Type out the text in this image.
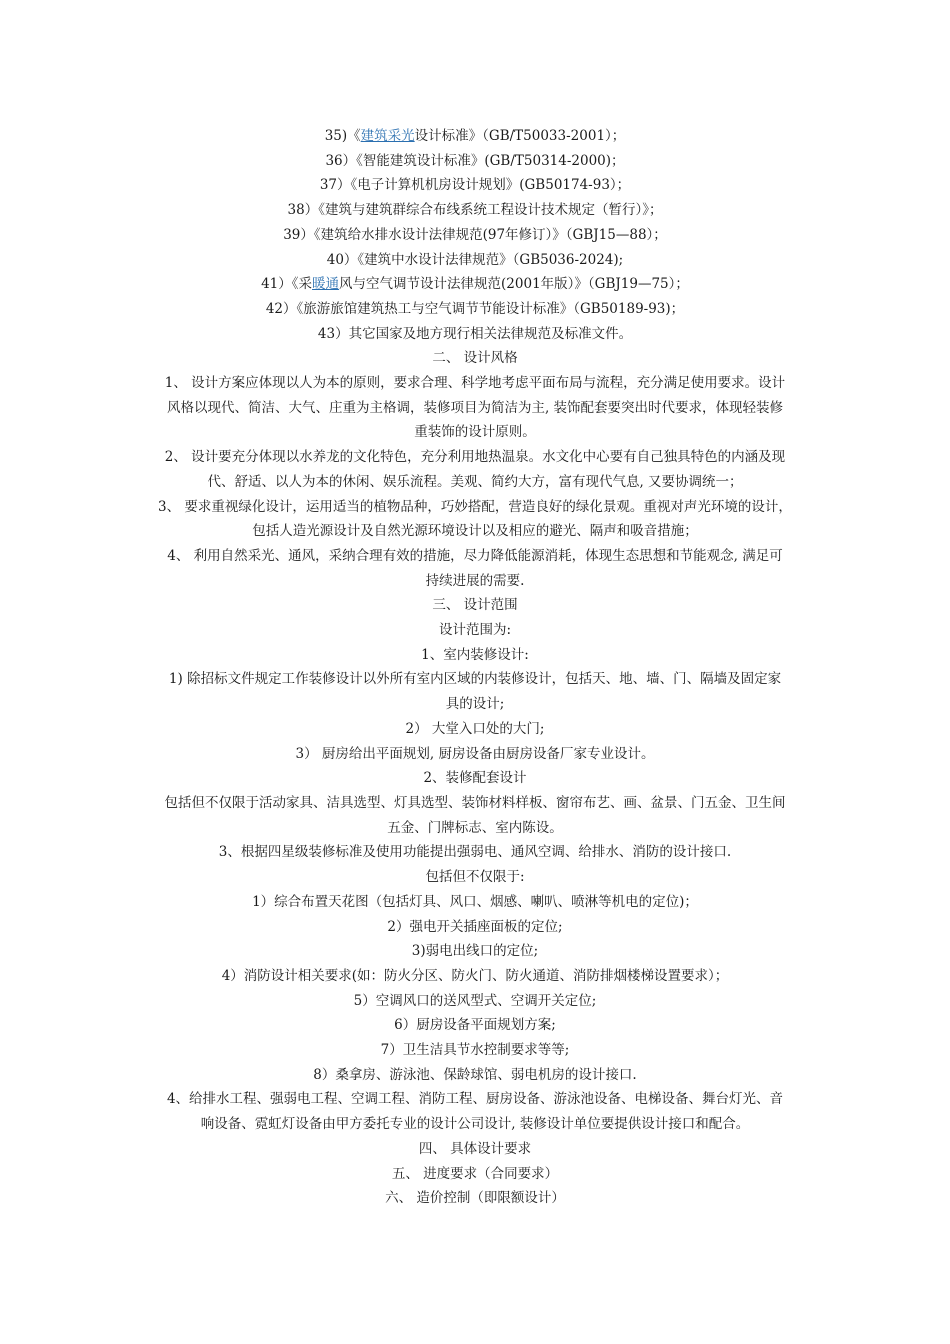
35)《建筑采光设计标准》（GB/T50033-2001）；
36）《智能建筑设计标准》(GB/T50314-2000)；
37）《电子计算机机房设计规划》(GB50174-93）；
38）《建筑与建筑群综合布线系统工程设计技术规定（暂行）》；
39）《建筑给水排水设计法律规范(97年修订）》（GBJ15—88）；
40）《建筑中水设计法律规范》（GB5036-2024);
41）《采暖通风与空气调节设计法律规范(2001年版）》（GBJ19—75）；
42）《旅游旅馆建筑热工与空气调节节能设计标准》（GB50189-93)；
43）其它国家及地方现行相关法律规范及标准文件。
二、 设计风格
1、 设计方案应体现以人为本的原则，要求合理、科学地考虑平面布局与流程，充分满足使用要求。设计
风格以现代、简洁、大气、庄重为主格调，装修项目为简洁为主, 装饰配套要突出时代要求，体现轻装修
重装饰的设计原则。
2、 设计要充分体现以水养龙的文化特色，充分利用地热温泉。水文化中心要有自己独具特色的内涵及现
代、舒适、以人为本的休闲、娱乐流程。美观、简约大方，富有现代气息, 又要协调统一；
3、 要求重视绿化设计，运用适当的植物品种，巧妙搭配，营造良好的绿化景观。重视对声光环境的设计，
包括人造光源设计及自然光源环境设计以及相应的避光、隔声和吸音措施；
4、 利用自然采光、通风，采纳合理有效的措施，尽力降低能源消耗，体现生态思想和节能观念, 满足可
持续进展的需要.
三、 设计范围
设计范围为:
1、室内装修设计:
1) 除招标文件规定工作装修设计以外所有室内区域的内装修设计，包括天、地、墙、门、隔墙及固定家
具的设计;
2） 大堂入口处的大门;
3） 厨房给出平面规划, 厨房设备由厨房设备厂家专业设计。
2、装修配套设计
包括但不仅限于活动家具、洁具选型、灯具选型、装饰材料样板、窗帘布艺、画、盆景、门五金、卫生间
五金、门牌标志、室内陈设。
3、根据四星级装修标准及使用功能提出强弱电、通风空调、给排水、消防的设计接口.
包括但不仅限于:
1）综合布置天花图（包括灯具、风口、烟感、喇叭、喷淋等机电的定位)；
2）强电开关插座面板的定位;
3)弱电出线口的定位;
4）消防设计相关要求(如：防火分区、防火门、防火通道、消防排烟楼梯设置要求）；
5）空调风口的送风型式、空调开关定位;
6）厨房设备平面规划方案;
7）卫生洁具节水控制要求等等;
8）桑拿房、游泳池、保龄球馆、弱电机房的设计接口.
4、给排水工程、强弱电工程、空调工程、消防工程、厨房设备、游泳池设备、电梯设备、舞台灯光、音
响设备、霓虹灯设备由甲方委托专业的设计公司设计, 装修设计单位要提供设计接口和配合。
四、 具体设计要求
五、 进度要求（合同要求）
六、 造价控制（即限额设计）
